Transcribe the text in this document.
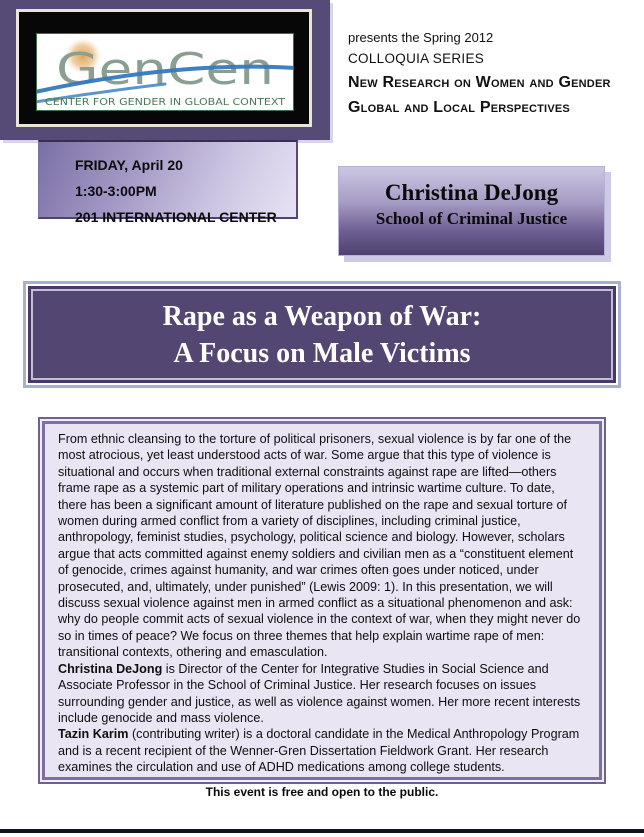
GenCen
CENTER FOR GENDER IN GLOBAL CONTEXT

presents the Spring 2012

COLLOQUIA SERIES

New Research on Women and Gender

Global and Local Perspectives

FRIDAY, April 20
1:30-3:00PM
201 INTERNATIONAL CENTER
Christina DeJong
School of Criminal Justice
Rape as a Weapon of War:
A Focus on Male Victims

From ethnic cleansing to the torture of political prisoners, sexual violence is by far one of the most atrocious, yet least understood acts of war. Some argue that this type of violence is situational and occurs when traditional external constraints against rape are lifted—others frame rape as a systemic part of military operations and intrinsic wartime culture. To date, there has been a significant amount of literature published on the rape and sexual torture of women during armed conflict from a variety of disciplines, including criminal justice, anthropology, feminist studies, psychology, political science and biology. However, scholars argue that acts committed against enemy soldiers and civilian men as a “constituent element of genocide, crimes against humanity, and war crimes often goes under noticed, under prosecuted, and, ultimately, under punished” (Lewis 2009: 1). In this presentation, we will discuss sexual violence against men in armed conflict as a situational phenomenon and ask: why do people commit acts of sexual violence in the context of war, when they might never do so in times of peace? We focus on three themes that help explain wartime rape of men: transitional contexts, othering and emasculation.

Christina DeJong is Director of the Center for Integrative Studies in Social Science and Associate Professor in the School of Criminal Justice. Her research focuses on issues surrounding gender and justice, as well as violence against women. Her more recent interests include genocide and mass violence.

Tazin Karim (contributing writer) is a doctoral candidate in the Medical Anthropology Program and is a recent recipient of the Wenner-Gren Dissertation Fieldwork Grant. Her research examines the circulation and use of ADHD medications among college students.

This event is free and open to the public.
